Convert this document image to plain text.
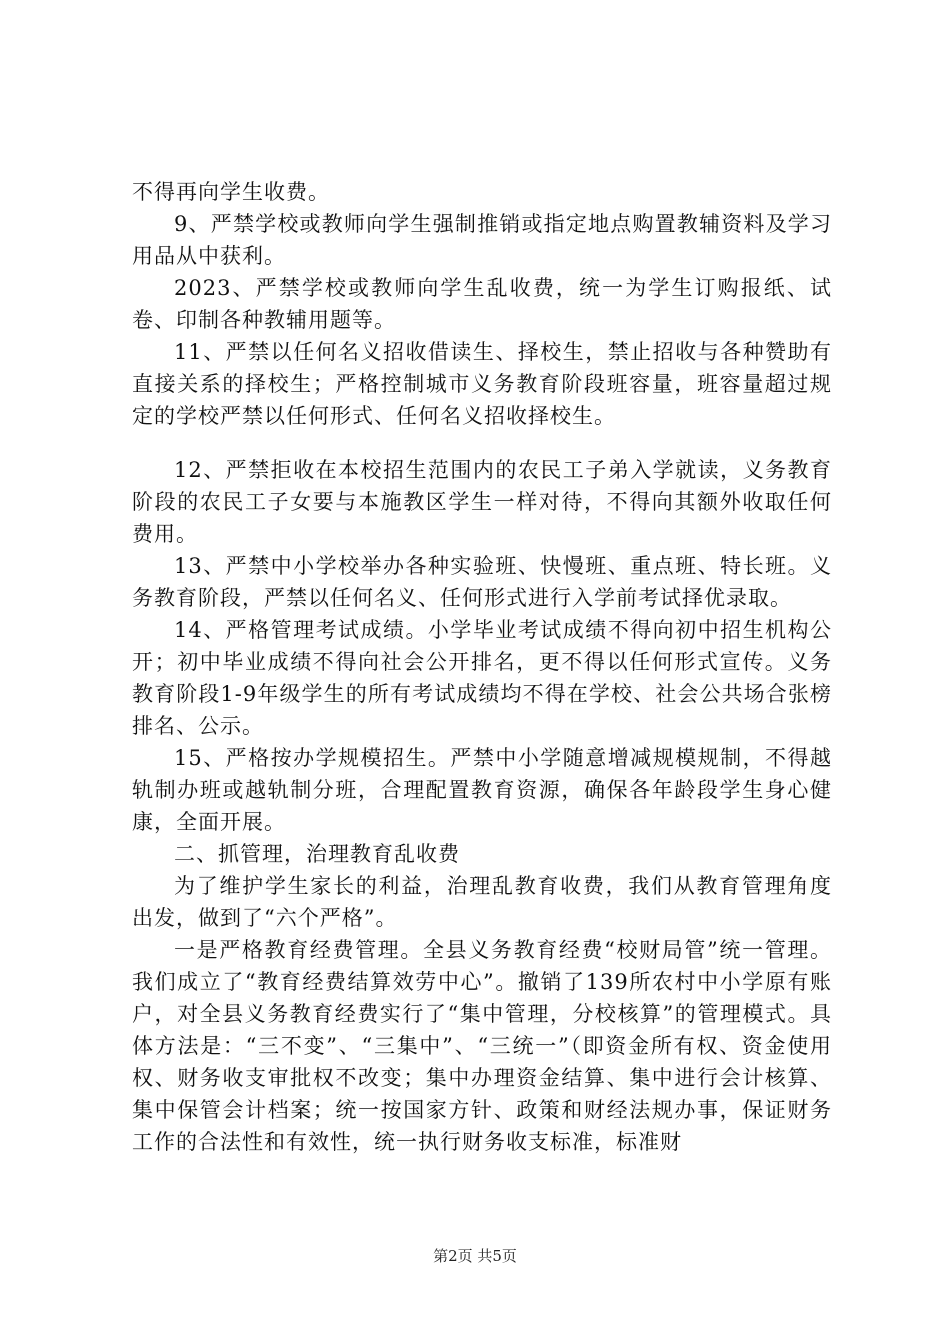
不得再向学生收费。

9、严禁学校或教师向学生强制推销或指定地点购置教辅资料及学习用品从中获利。

2023、严禁学校或教师向学生乱收费，统一为学生订购报纸、试卷、印制各种教辅用题等。

11、严禁以任何名义招收借读生、择校生，禁止招收与各种赞助有直接关系的择校生；严格控制城市义务教育阶段班容量，班容量超过规定的学校严禁以任何形式、任何名义招收择校生。

12、严禁拒收在本校招生范围内的农民工子弟入学就读，义务教育阶段的农民工子女要与本施教区学生一样对待，不得向其额外收取任何费用。

13、严禁中小学校举办各种实验班、快慢班、重点班、特长班。义务教育阶段，严禁以任何名义、任何形式进行入学前考试择优录取。

14、严格管理考试成绩。小学毕业考试成绩不得向初中招生机构公开；初中毕业成绩不得向社会公开排名，更不得以任何形式宣传。义务教育阶段1-9年级学生的所有考试成绩均不得在学校、社会公共场合张榜排名、公示。

15、严格按办学规模招生。严禁中小学随意增减规模规制，不得越轨制办班或越轨制分班，合理配置教育资源，确保各年龄段学生身心健康，全面开展。

二、抓管理，治理教育乱收费

为了维护学生家长的利益，治理乱教育收费，我们从教育管理角度出发，做到了“六个严格”。

一是严格教育经费管理。全县义务教育经费“校财局管”统一管理。我们成立了“教育经费结算效劳中心”。撤销了139所农村中小学原有账户，对全县义务教育经费实行了“集中管理，分校核算”的管理模式。具体方法是：“三不变”、“三集中”、“三统一”（即资金所有权、资金使用权、财务收支审批权不改变；集中办理资金结算、集中进行会计核算、集中保管会计档案；统一按国家方针、政策和财经法规办事，保证财务工作的合法性和有效性，统一执行财务收支标准，标准财

第2页 共5页
